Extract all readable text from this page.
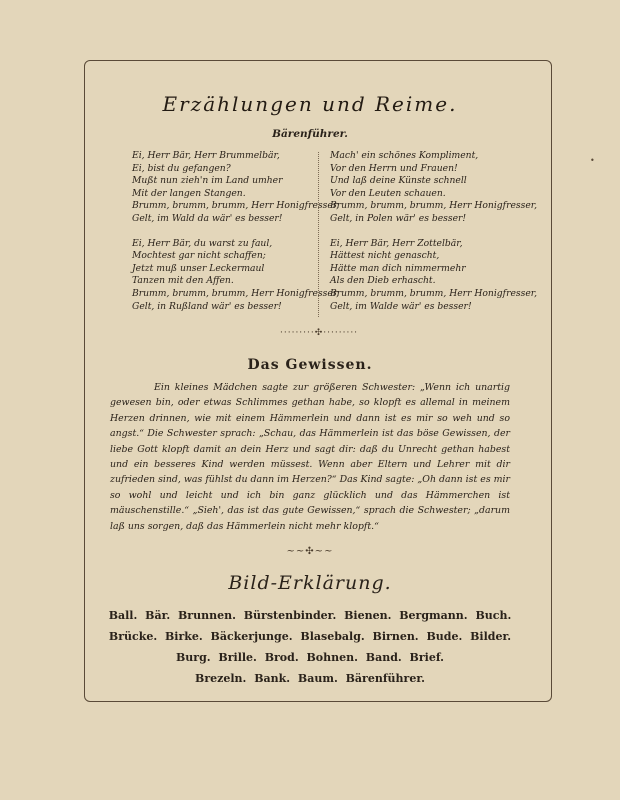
Erzählungen und Reime.
Bärenführer.
Ei, Herr Bär, Herr Brummelbär,
Ei, bist du gefangen?
Mußt nun zieh'n im Land umher
Mit der langen Stangen.
Brumm, brumm, brumm, Herr Honigfresser,
Gelt, im Wald da wär' es besser!
Ei, Herr Bär, du warst zu faul,
Mochtest gar nicht schaffen;
Jetzt muß unser Leckermaul
Tanzen mit den Affen.
Brumm, brumm, brumm, Herr Honigfresser,
Gelt, in Rußland wär' es besser!
Mach' ein schönes Kompliment,
Vor den Herrn und Frauen!
Und laß deine Künste schnell
Vor den Leuten schauen.
Brumm, brumm, brumm, Herr Honigfresser,
Gelt, in Polen wär' es besser!
Ei, Herr Bär, Herr Zottelbär,
Hättest nicht genascht,
Hätte man dich nimmermehr
Als den Dieb erhascht.
Brumm, brumm, brumm, Herr Honigfresser,
Gelt, im Walde wär' es besser!
·········✣·········
Das Gewissen.
Ein kleines Mädchen sagte zur größeren Schwester: „Wenn ich unartig gewesen bin, oder etwas Schlimmes gethan habe, so klopft es allemal in meinem Herzen drinnen, wie mit einem Hämmerlein und dann ist es mir so weh und so angst.“ Die Schwester sprach: „Schau, das Hämmerlein ist das böse Gewissen, der liebe Gott klopft damit an dein Herz und sagt dir: daß du Unrecht gethan habest und ein besseres Kind werden müssest. Wenn aber Eltern und Lehrer mit dir zufrieden sind, was fühlst du dann im Herzen?“ Das Kind sagte: „Oh dann ist es mir so wohl und leicht und ich bin ganz glücklich und das Hämmerchen ist mäuschenstille.“ „Sieh', das ist das gute Gewissen,“ sprach die Schwester; „darum laß uns sorgen, daß das Hämmerlein nicht mehr klopft.“
~~✣~~
Bild-Erklärung.
Ball. Bär. Brunnen. Bürstenbinder. Bienen. Bergmann. Buch.
Brücke. Birke. Bäckerjunge. Blasebalg. Birnen. Bude. Bilder.
Burg. Brille. Brod. Bohnen. Band. Brief.
Brezeln. Bank. Baum. Bärenführer.
•
